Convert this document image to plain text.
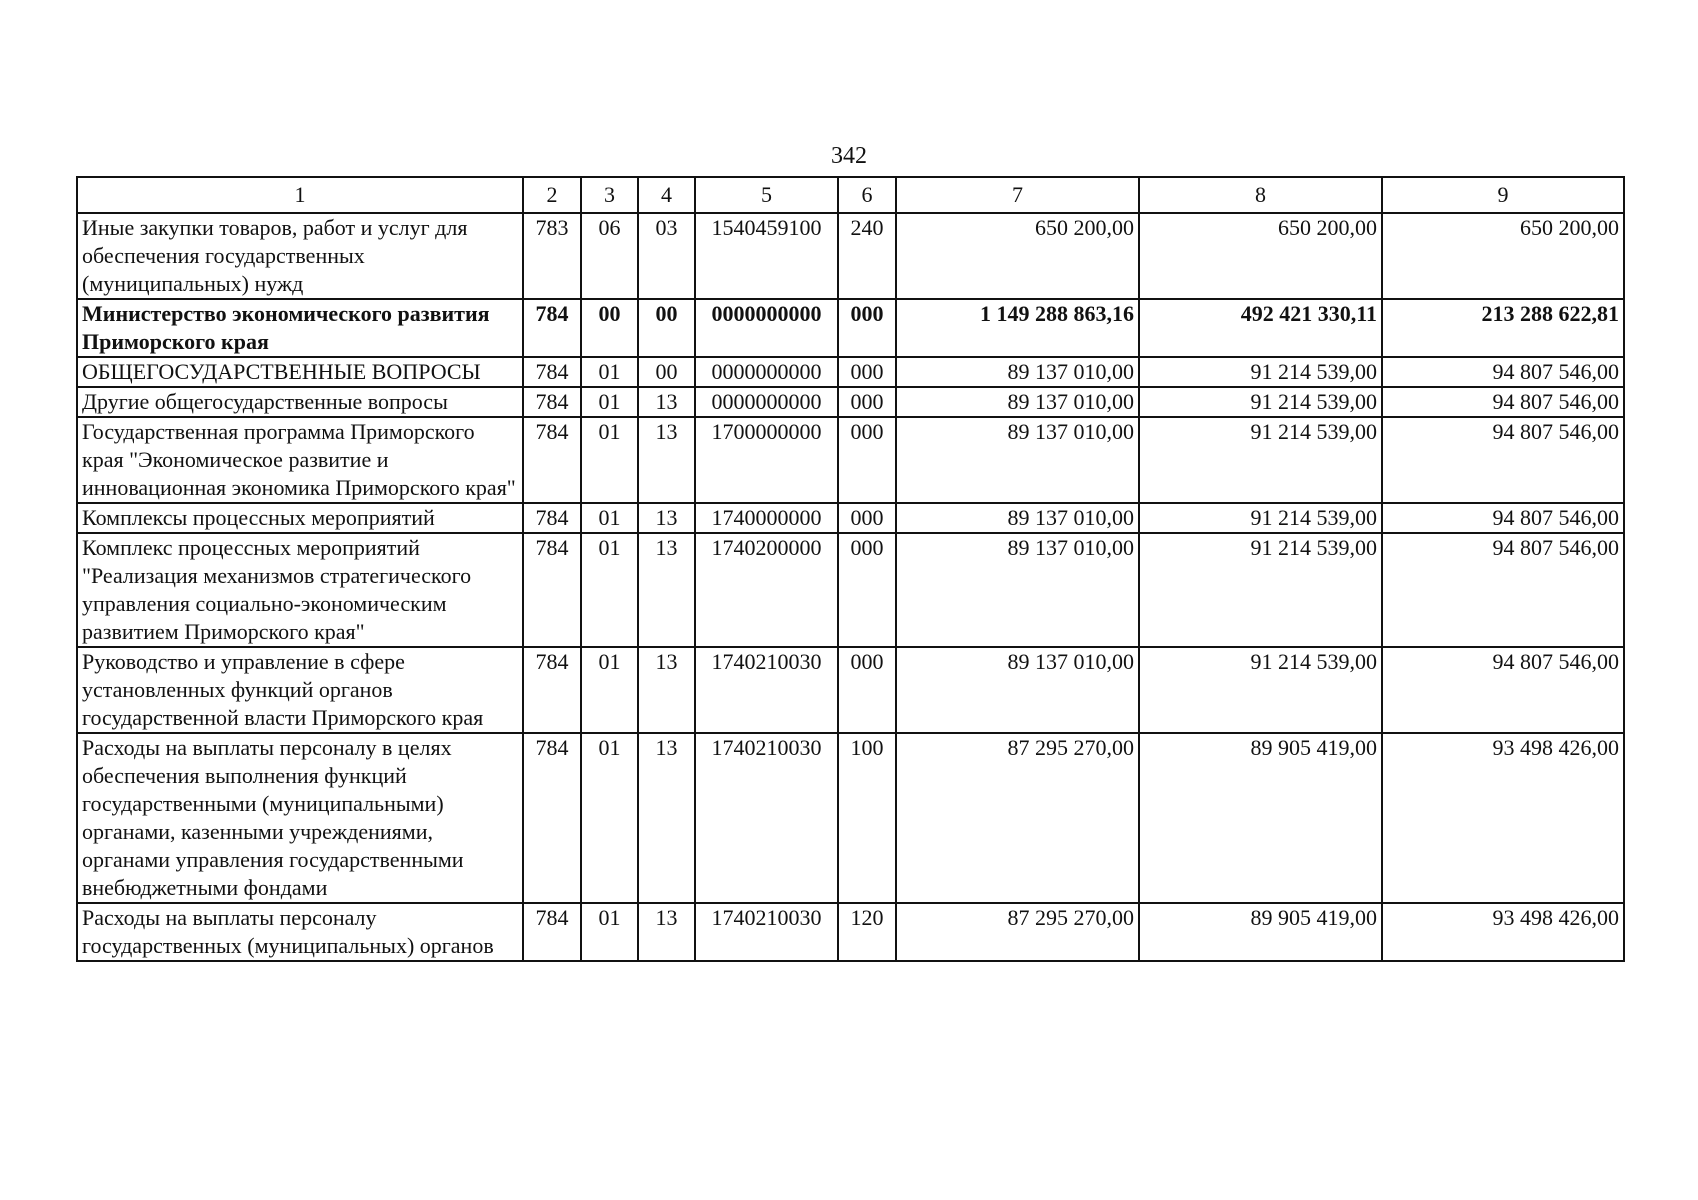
342
1	2	3	4	5	6	7	8	9
Иные закупки товаров, работ и услуг для обеспечения государственных (муниципальных) нужд	783	06	03	1540459100	240	650 200,00	650 200,00	650 200,00
Министерство экономического развития Приморского края	784	00	00	0000000000	000	1 149 288 863,16	492 421 330,11	213 288 622,81
ОБЩЕГОСУДАРСТВЕННЫЕ ВОПРОСЫ	784	01	00	0000000000	000	89 137 010,00	91 214 539,00	94 807 546,00
Другие общегосударственные вопросы	784	01	13	0000000000	000	89 137 010,00	91 214 539,00	94 807 546,00
Государственная программа Приморского края "Экономическое развитие и инновационная экономика Приморского края"	784	01	13	1700000000	000	89 137 010,00	91 214 539,00	94 807 546,00
Комплексы процессных мероприятий	784	01	13	1740000000	000	89 137 010,00	91 214 539,00	94 807 546,00
Комплекс процессных мероприятий "Реализация механизмов стратегического управления социально-экономическим развитием Приморского края"	784	01	13	1740200000	000	89 137 010,00	91 214 539,00	94 807 546,00
Руководство и управление в сфере установленных функций органов государственной власти Приморского края	784	01	13	1740210030	000	89 137 010,00	91 214 539,00	94 807 546,00
Расходы на выплаты персоналу в целях обеспечения выполнения функций государственными (муниципальными) органами, казенными учреждениями, органами управления государственными внебюджетными фондами	784	01	13	1740210030	100	87 295 270,00	89 905 419,00	93 498 426,00
Расходы на выплаты персоналу государственных (муниципальных) органов	784	01	13	1740210030	120	87 295 270,00	89 905 419,00	93 498 426,00
